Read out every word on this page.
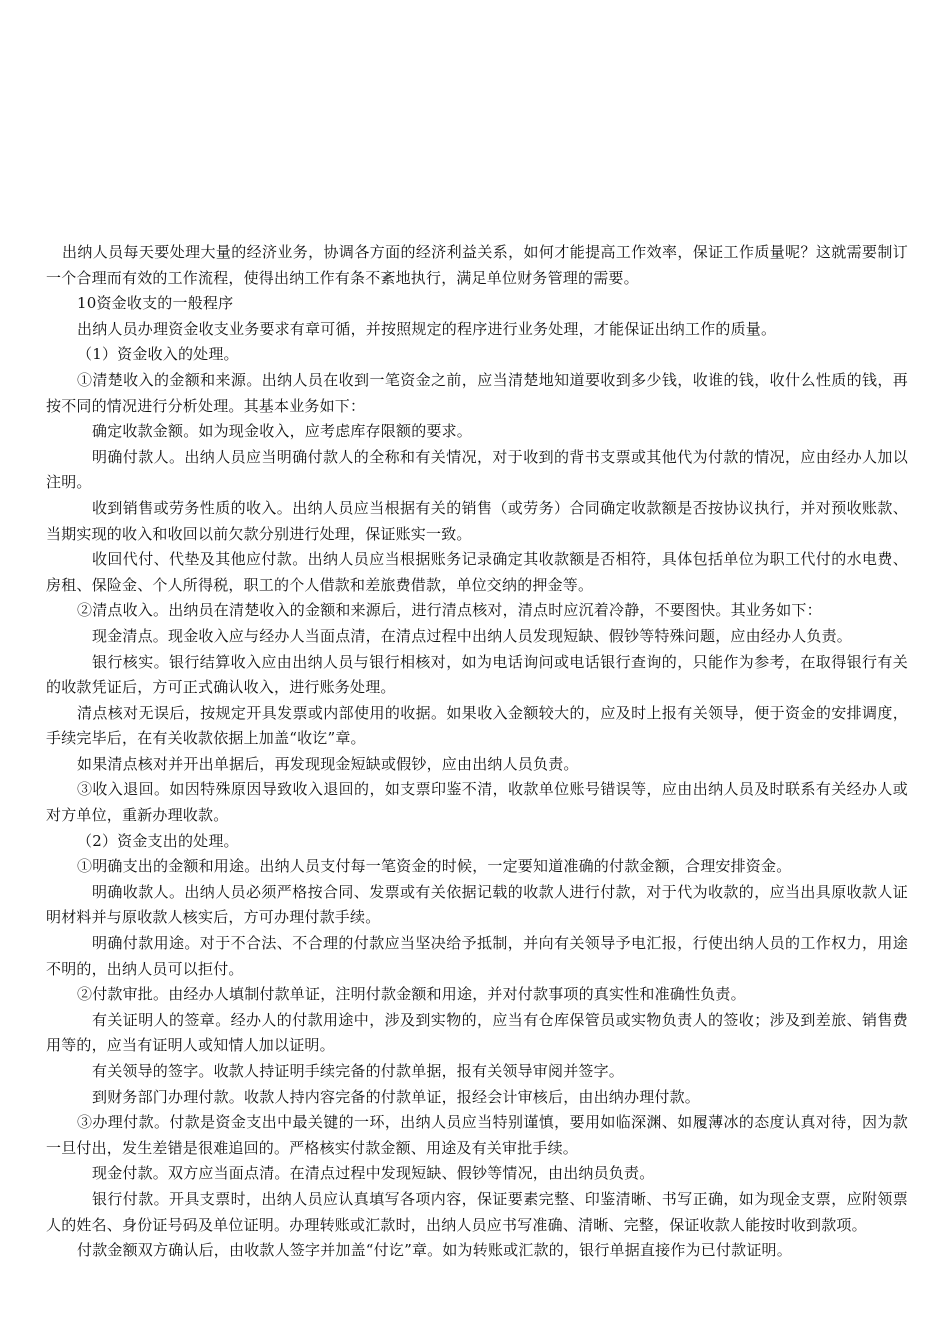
出纳人员每天要处理大量的经济业务，协调各方面的经济利益关系，如何才能提高工作效率，保证工作质量呢？这就需要制订一个合理而有效的工作流程，使得出纳工作有条不紊地执行，满足单位财务管理的需要。

10资金收支的一般程序

出纳人员办理资金收支业务要求有章可循，并按照规定的程序进行业务处理，才能保证出纳工作的质量。

（1）资金收入的处理。

①清楚收入的金额和来源。出纳人员在收到一笔资金之前，应当清楚地知道要收到多少钱，收谁的钱，收什么性质的钱，再按不同的情况进行分析处理。其基本业务如下：

确定收款金额。如为现金收入，应考虑库存限额的要求。

明确付款人。出纳人员应当明确付款人的全称和有关情况，对于收到的背书支票或其他代为付款的情况，应由经办人加以注明。

收到销售或劳务性质的收入。出纳人员应当根据有关的销售（或劳务）合同确定收款额是否按协议执行，并对预收账款、当期实现的收入和收回以前欠款分别进行处理，保证账实一致。

收回代付、代垫及其他应付款。出纳人员应当根据账务记录确定其收款额是否相符，具体包括单位为职工代付的水电费、房租、保险金、个人所得税，职工的个人借款和差旅费借款，单位交纳的押金等。

②清点收入。出纳员在清楚收入的金额和来源后，进行清点核对，清点时应沉着冷静，不要图快。其业务如下：

现金清点。现金收入应与经办人当面点清，在清点过程中出纳人员发现短缺、假钞等特殊问题，应由经办人负责。

银行核实。银行结算收入应由出纳人员与银行相核对，如为电话询问或电话银行查询的，只能作为参考，在取得银行有关的收款凭证后，方可正式确认收入，进行账务处理。

清点核对无误后，按规定开具发票或内部使用的收据。如果收入金额较大的，应及时上报有关领导，便于资金的安排调度，手续完毕后，在有关收款依据上加盖“收讫”章。

如果清点核对并开出单据后，再发现现金短缺或假钞，应由出纳人员负责。

③收入退回。如因特殊原因导致收入退回的，如支票印鉴不清，收款单位账号错误等，应由出纳人员及时联系有关经办人或对方单位，重新办理收款。

（2）资金支出的处理。

①明确支出的金额和用途。出纳人员支付每一笔资金的时候，一定要知道准确的付款金额，合理安排资金。

明确收款人。出纳人员必须严格按合同、发票或有关依据记载的收款人进行付款，对于代为收款的，应当出具原收款人证明材料并与原收款人核实后，方可办理付款手续。

明确付款用途。对于不合法、不合理的付款应当坚决给予抵制，并向有关领导予电汇报，行使出纳人员的工作权力，用途不明的，出纳人员可以拒付。

②付款审批。由经办人填制付款单证，注明付款金额和用途，并对付款事项的真实性和准确性负责。

有关证明人的签章。经办人的付款用途中，涉及到实物的，应当有仓库保管员或实物负责人的签收；涉及到差旅、销售费用等的，应当有证明人或知情人加以证明。

有关领导的签字。收款人持证明手续完备的付款单据，报有关领导审阅并签字。

到财务部门办理付款。收款人持内容完备的付款单证，报经会计审核后，由出纳办理付款。

③办理付款。付款是资金支出中最关键的一环，出纳人员应当特别谨慎，要用如临深渊、如履薄冰的态度认真对待，因为款一旦付出，发生差错是很难追回的。严格核实付款金额、用途及有关审批手续。

现金付款。双方应当面点清。在清点过程中发现短缺、假钞等情况，由出纳员负责。

银行付款。开具支票时，出纳人员应认真填写各项内容，保证要素完整、印鉴清晰、书写正确，如为现金支票，应附领票人的姓名、身份证号码及单位证明。办理转账或汇款时，出纳人员应书写准确、清晰、完整，保证收款人能按时收到款项。

付款金额双方确认后，由收款人签字并加盖“付讫”章。如为转账或汇款的，银行单据直接作为已付款证明。
